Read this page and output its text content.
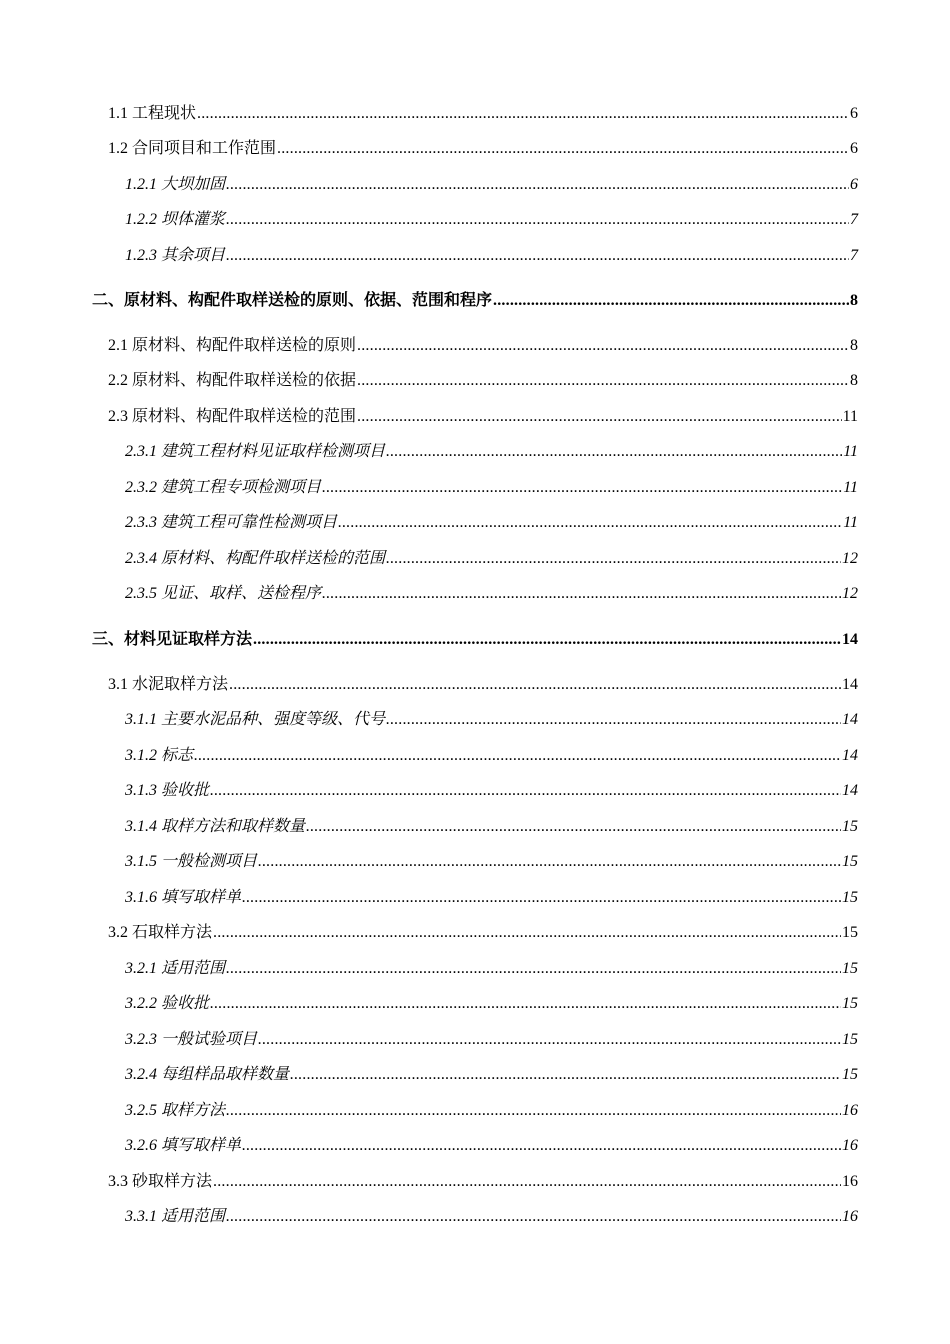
1.1 工程现状 .....	6
1.2 合同项目和工作范围 .....	6
1.2.1 大坝加固 .....	6
1.2.2 坝体灌浆 .....	7
1.2.3 其余项目 .....	7
二、原材料、构配件取样送检的原则、依据、范围和程序 .....	8
2.1 原材料、构配件取样送检的原则 .....	8
2.2 原材料、构配件取样送检的依据 .....	8
2.3 原材料、构配件取样送检的范围 .....	11
2.3.1 建筑工程材料见证取样检测项目 .....	11
2.3.2 建筑工程专项检测项目 .....	11
2.3.3 建筑工程可靠性检测项目 .....	11
2.3.4 原材料、构配件取样送检的范围 .....	12
2.3.5 见证、取样、送检程序 .....	12
三、材料见证取样方法 .....	14
3.1 水泥取样方法 .....	14
3.1.1 主要水泥品种、强度等级、代号 .....	14
3.1.2 标志 .....	14
3.1.3 验收批 .....	14
3.1.4 取样方法和取样数量 .....	15
3.1.5 一般检测项目 .....	15
3.1.6 填写取样单 .....	15
3.2 石取样方法 .....	15
3.2.1 适用范围 .....	15
3.2.2 验收批 .....	15
3.2.3 一般试验项目 .....	15
3.2.4 每组样品取样数量 .....	15
3.2.5 取样方法 .....	16
3.2.6 填写取样单 .....	16
3.3 砂取样方法 .....	16
3.3.1 适用范围 .....	16
